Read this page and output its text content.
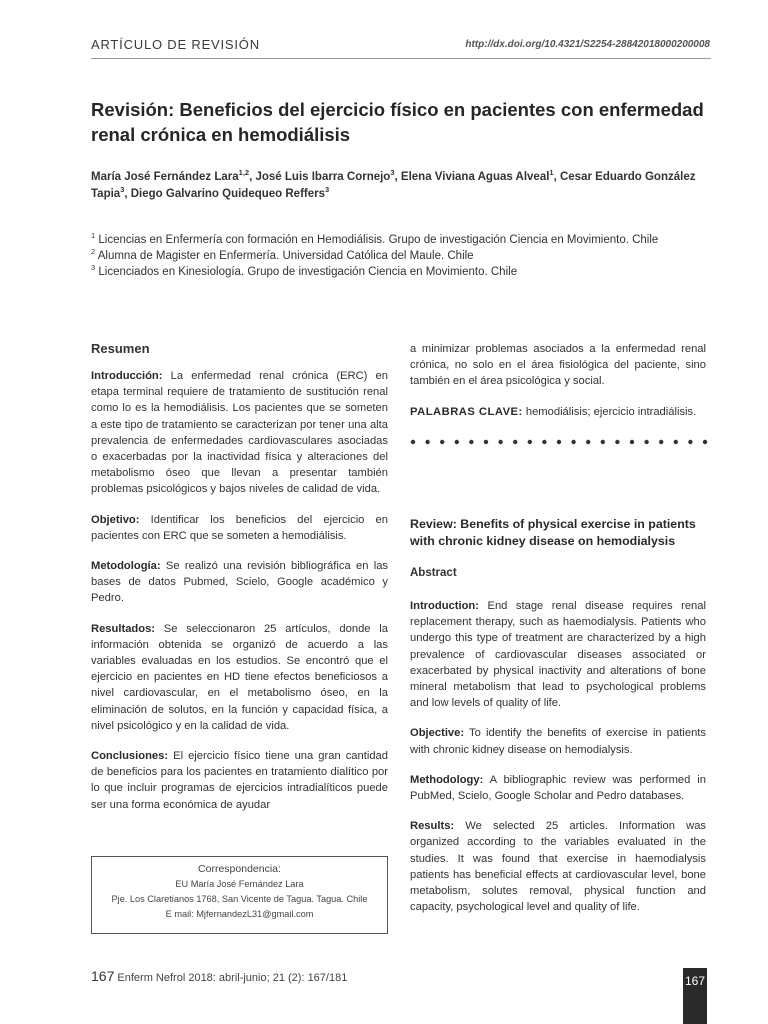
ARTÍCULO DE REVISIÓN	http://dx.doi.org/10.4321/S2254-28842018000200008
Revisión: Beneficios del ejercicio físico en pacientes con enfermedad renal crónica en hemodiálisis
María José Fernández Lara$^{1,2}$, José Luis Ibarra Cornejo$^3$, Elena Viviana Aguas Alveal$^1$, Cesar Eduardo González Tapia$^3$, Diego Galvarino Quidequeo Reffers$^3$
$^1$ Licencias en Enfermería con formación en Hemodiálisis. Grupo de investigación Ciencia en Movimiento. Chile
$^2$ Alumna de Magister en Enfermería. Universidad Católica del Maule. Chile
$^3$ Licenciados en Kinesiología. Grupo de investigación Ciencia en Movimiento. Chile
Resumen

Introducción: La enfermedad renal crónica (ERC) en etapa terminal requiere de tratamiento de sustitución renal como lo es la hemodiálisis. Los pacientes que se someten a este tipo de tratamiento se caracterizan por tener una alta prevalencia de enfermedades cardiovasculares asociadas o exacerbadas por la inactividad física y alteraciones del metabolismo óseo que llevan a presentar también problemas psicológicos y bajos niveles de calidad de vida.

Objetivo: Identificar los beneficios del ejercicio en pacientes con ERC que se someten a hemodiálisis.

Metodología: Se realizó una revisión bibliográfica en las bases de datos Pubmed, Scielo, Google académico y Pedro.

Resultados: Se seleccionaron 25 artículos, donde la información obtenida se organizó de acuerdo a las variables evaluadas en los estudios. Se encontró que el ejercicio en pacientes en HD tiene efectos beneficiosos a nivel cardiovascular, en el metabolismo óseo, en la eliminación de solutos, en la función y capacidad física, a nivel psicológico y en la calidad de vida.

Conclusiones: El ejercicio físico tiene una gran cantidad de beneficios para los pacientes en tratamiento dialítico por lo que incluir programas de ejercicios intradialíticos puede ser una forma económica de ayudar

Correspondencia:
EU María José Fernández Lara
Pje. Los Claretianos 1768, San Vicente de Tagua. Tagua. Chile
E mail: MjfernandezL31@gmail.com

a minimizar problemas asociados a la enfermedad renal crónica, no solo en el área fisiológica del paciente, sino también en el área psicológica y social.

PALABRAS CLAVE: hemodiálisis; ejercicio intradiálisis.

Review: Benefits of physical exercise in patients with chronic kidney disease on hemodialysis
Abstract

Introduction: End stage renal disease requires renal replacement therapy, such as haemodialysis. Patients who undergo this type of treatment are characterized by a high prevalence of cardiovascular diseases associated or exacerbated by physical inactivity and alterations of bone mineral metabolism that lead to psychological problems and low levels of quality of life.

Objective: To identify the benefits of exercise in patients with chronic kidney disease on hemodialysis.

Methodology: A bibliographic review was performed in PubMed, Scielo, Google Scholar and Pedro databases.

Results: We selected 25 articles. Information was organized according to the variables evaluated in the studies. It was found that exercise in haemodialysis patients has beneficial effects at cardiovascular level, bone metabolism, solutes removal, physical function and capacity, psychological level and quality of life.

167 Enferm Nefrol 2018: abril-junio; 21 (2): 167/181	167
